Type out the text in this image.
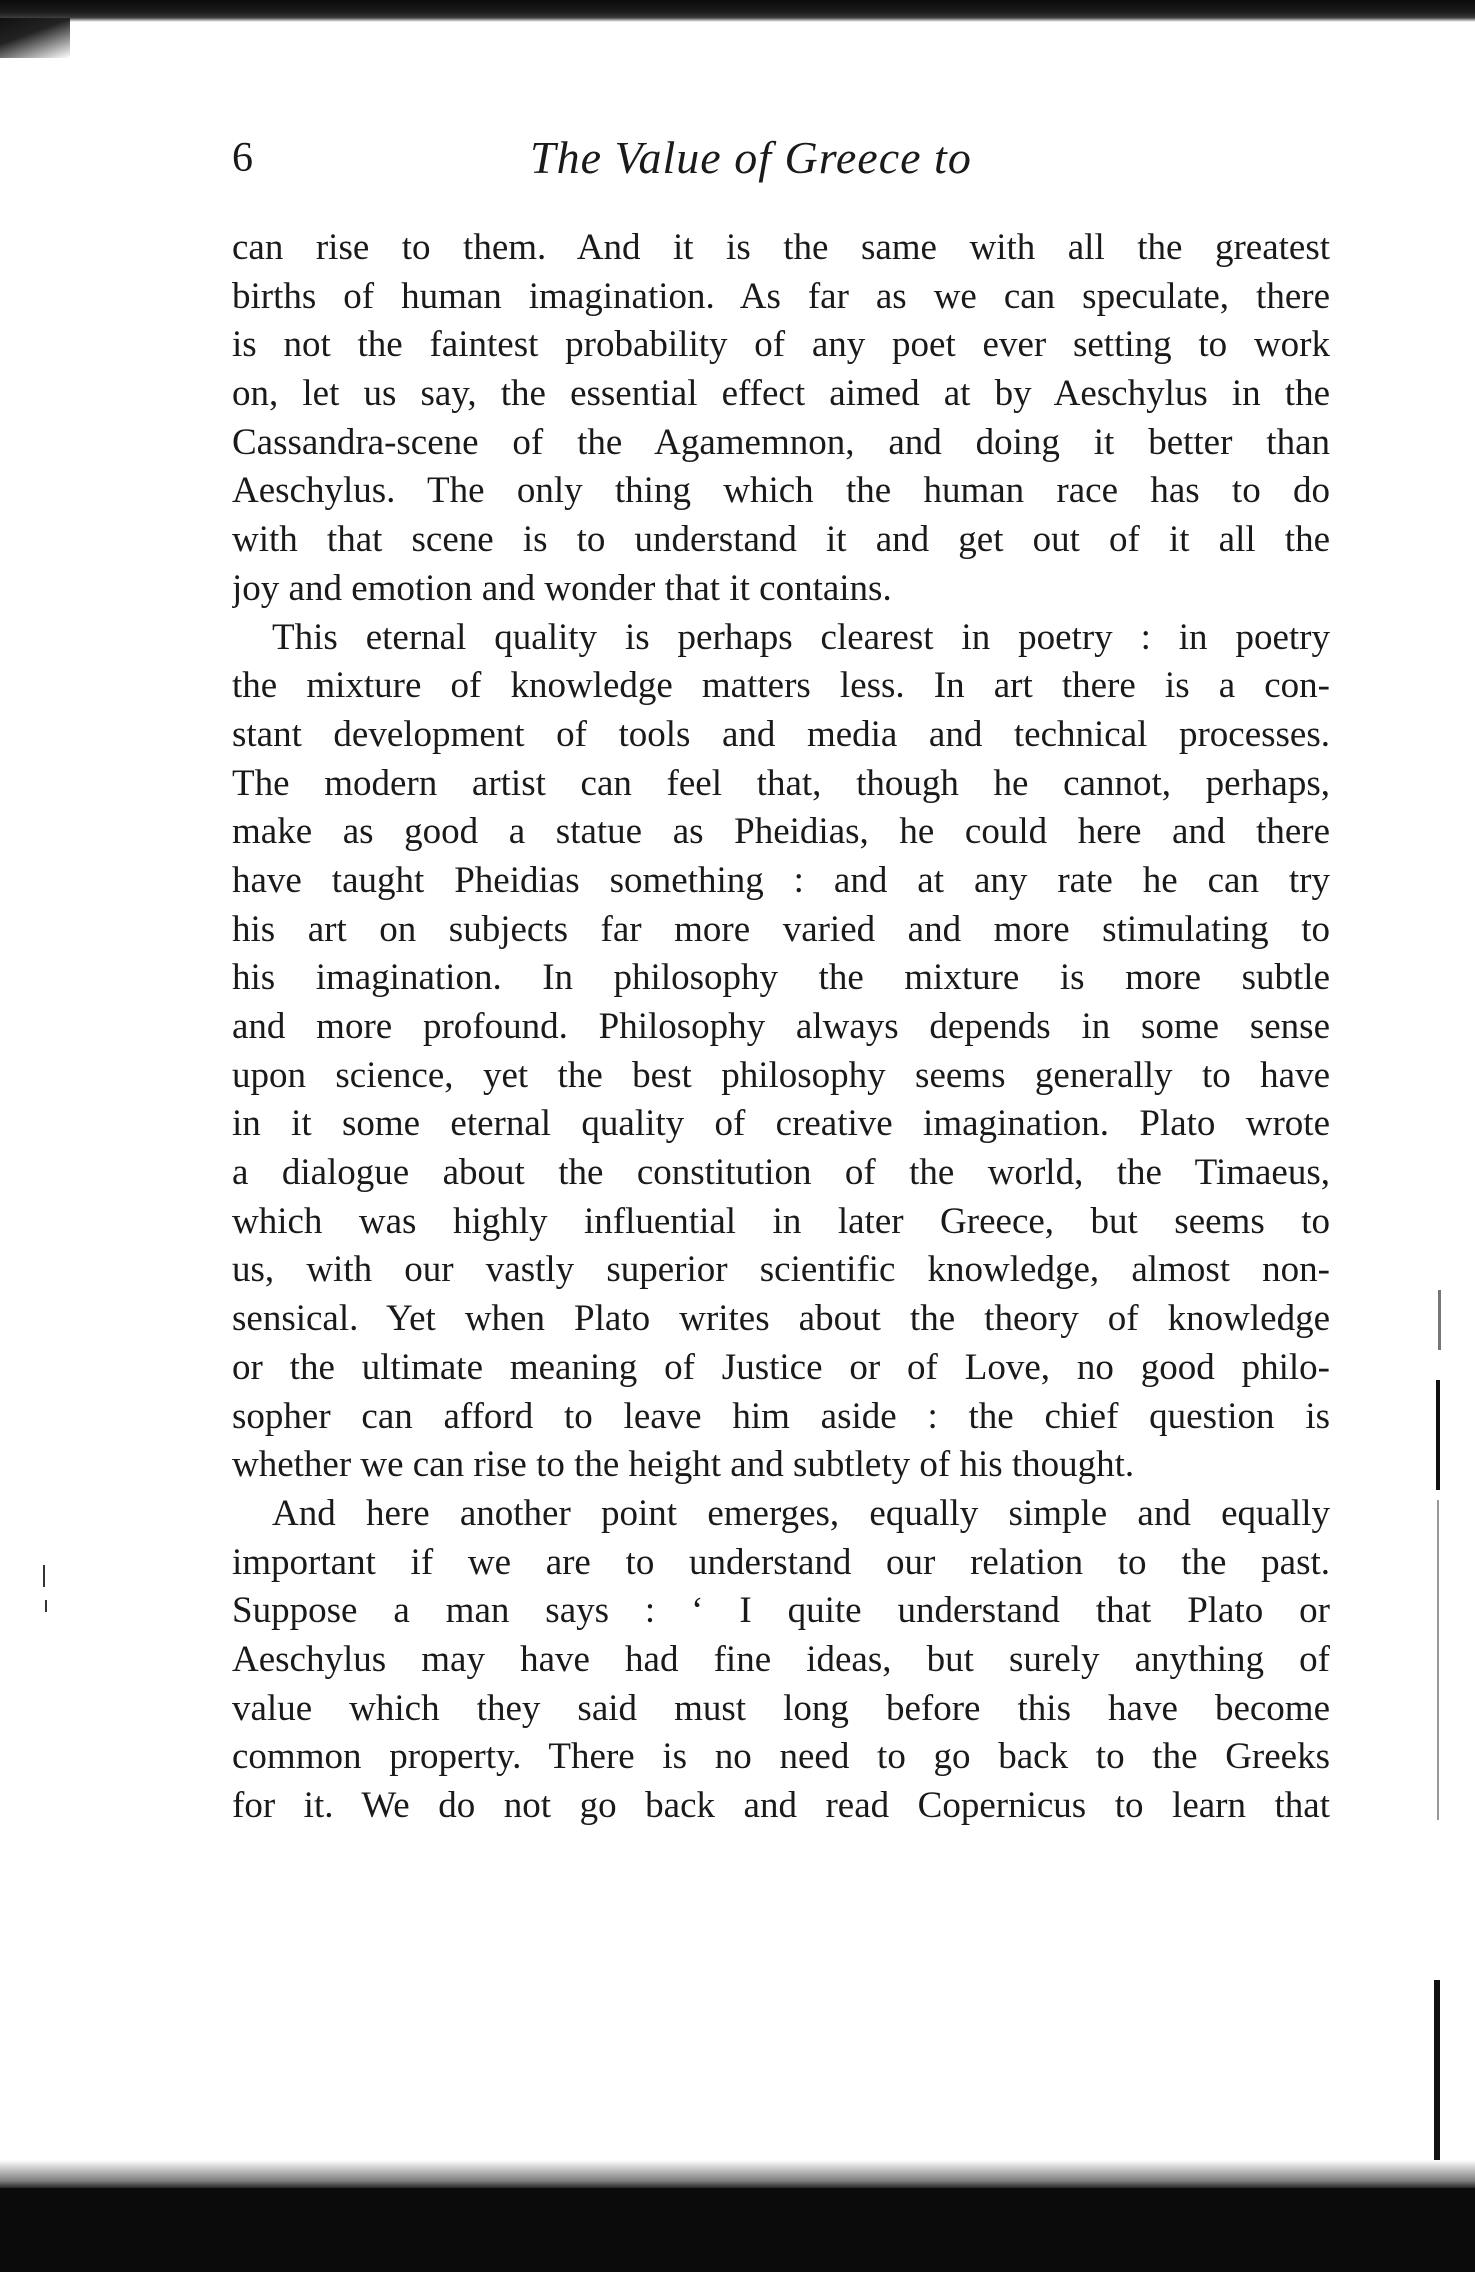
6	The Value of Greece to
can rise to them. And it is the same with all the greatest
births of human imagination. As far as we can speculate, there
is not the faintest probability of any poet ever setting to work
on, let us say, the essential effect aimed at by Aeschylus in the
Cassandra-scene of the Agamemnon, and doing it better than
Aeschylus. The only thing which the human race has to do
with that scene is to understand it and get out of it all the
joy and emotion and wonder that it contains.
This eternal quality is perhaps clearest in poetry : in poetry
the mixture of knowledge matters less. In art there is a con-
stant development of tools and media and technical processes.
The modern artist can feel that, though he cannot, perhaps,
make as good a statue as Pheidias, he could here and there
have taught Pheidias something : and at any rate he can try
his art on subjects far more varied and more stimulating to
his imagination. In philosophy the mixture is more subtle
and more profound. Philosophy always depends in some sense
upon science, yet the best philosophy seems generally to have
in it some eternal quality of creative imagination. Plato wrote
a dialogue about the constitution of the world, the Timaeus,
which was highly influential in later Greece, but seems to
us, with our vastly superior scientific knowledge, almost non-
sensical. Yet when Plato writes about the theory of knowledge
or the ultimate meaning of Justice or of Love, no good philo-
sopher can afford to leave him aside : the chief question is
whether we can rise to the height and subtlety of his thought.
And here another point emerges, equally simple and equally
important if we are to understand our relation to the past.
Suppose a man says : ‘ I quite understand that Plato or
Aeschylus may have had fine ideas, but surely anything of
value which they said must long before this have become
common property. There is no need to go back to the Greeks
for it. We do not go back and read Copernicus to learn that
